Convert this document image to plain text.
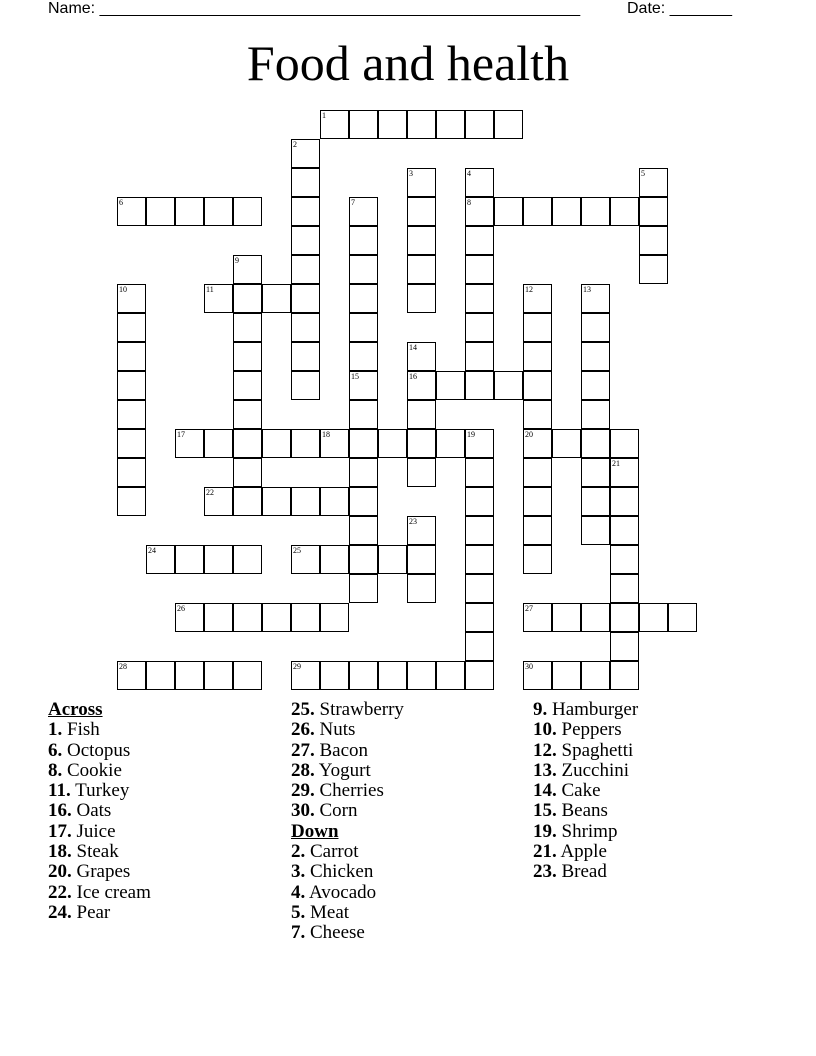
Name: ______________________________________________________	Date: _______
Food and health
1
2
3	4
8
5
6	7
9
10	11	12
20
13
14
16
15
17	18	19
21
22
23
24	25
26	27
28	29	30
Across
1. Fish
6. Octopus
8. Cookie
11. Turkey
16. Oats
17. Juice
18. Steak
20. Grapes
22. Ice cream
24. Pear
25. Strawberry
26. Nuts
27. Bacon
28. Yogurt
29. Cherries
30. Corn
Down
2. Carrot
3. Chicken
4. Avocado
5. Meat
7. Cheese
9. Hamburger
10. Peppers
12. Spaghetti
13. Zucchini
14. Cake
15. Beans
19. Shrimp
21. Apple
23. Bread
